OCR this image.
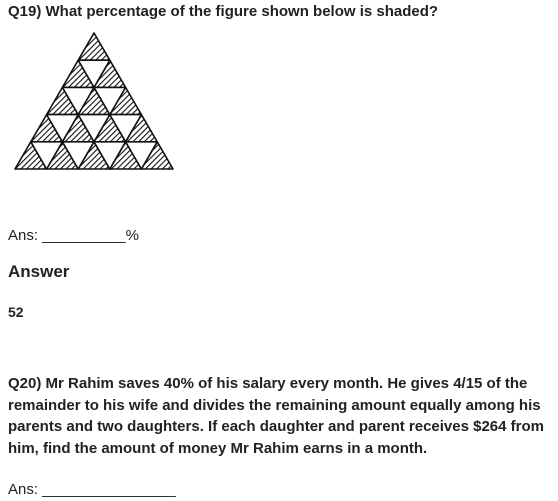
Q19) What percentage of the figure shown below is shaded?
Ans: __________%
Answer
52
Q20) Mr Rahim saves 40% of his salary every month. He gives 4/15 of the remainder to his wife and divides the remaining amount equally among his parents and two daughters. If each daughter and parent receives $264 from him, find the amount of money Mr Rahim earns in a month.
Ans: ________________
